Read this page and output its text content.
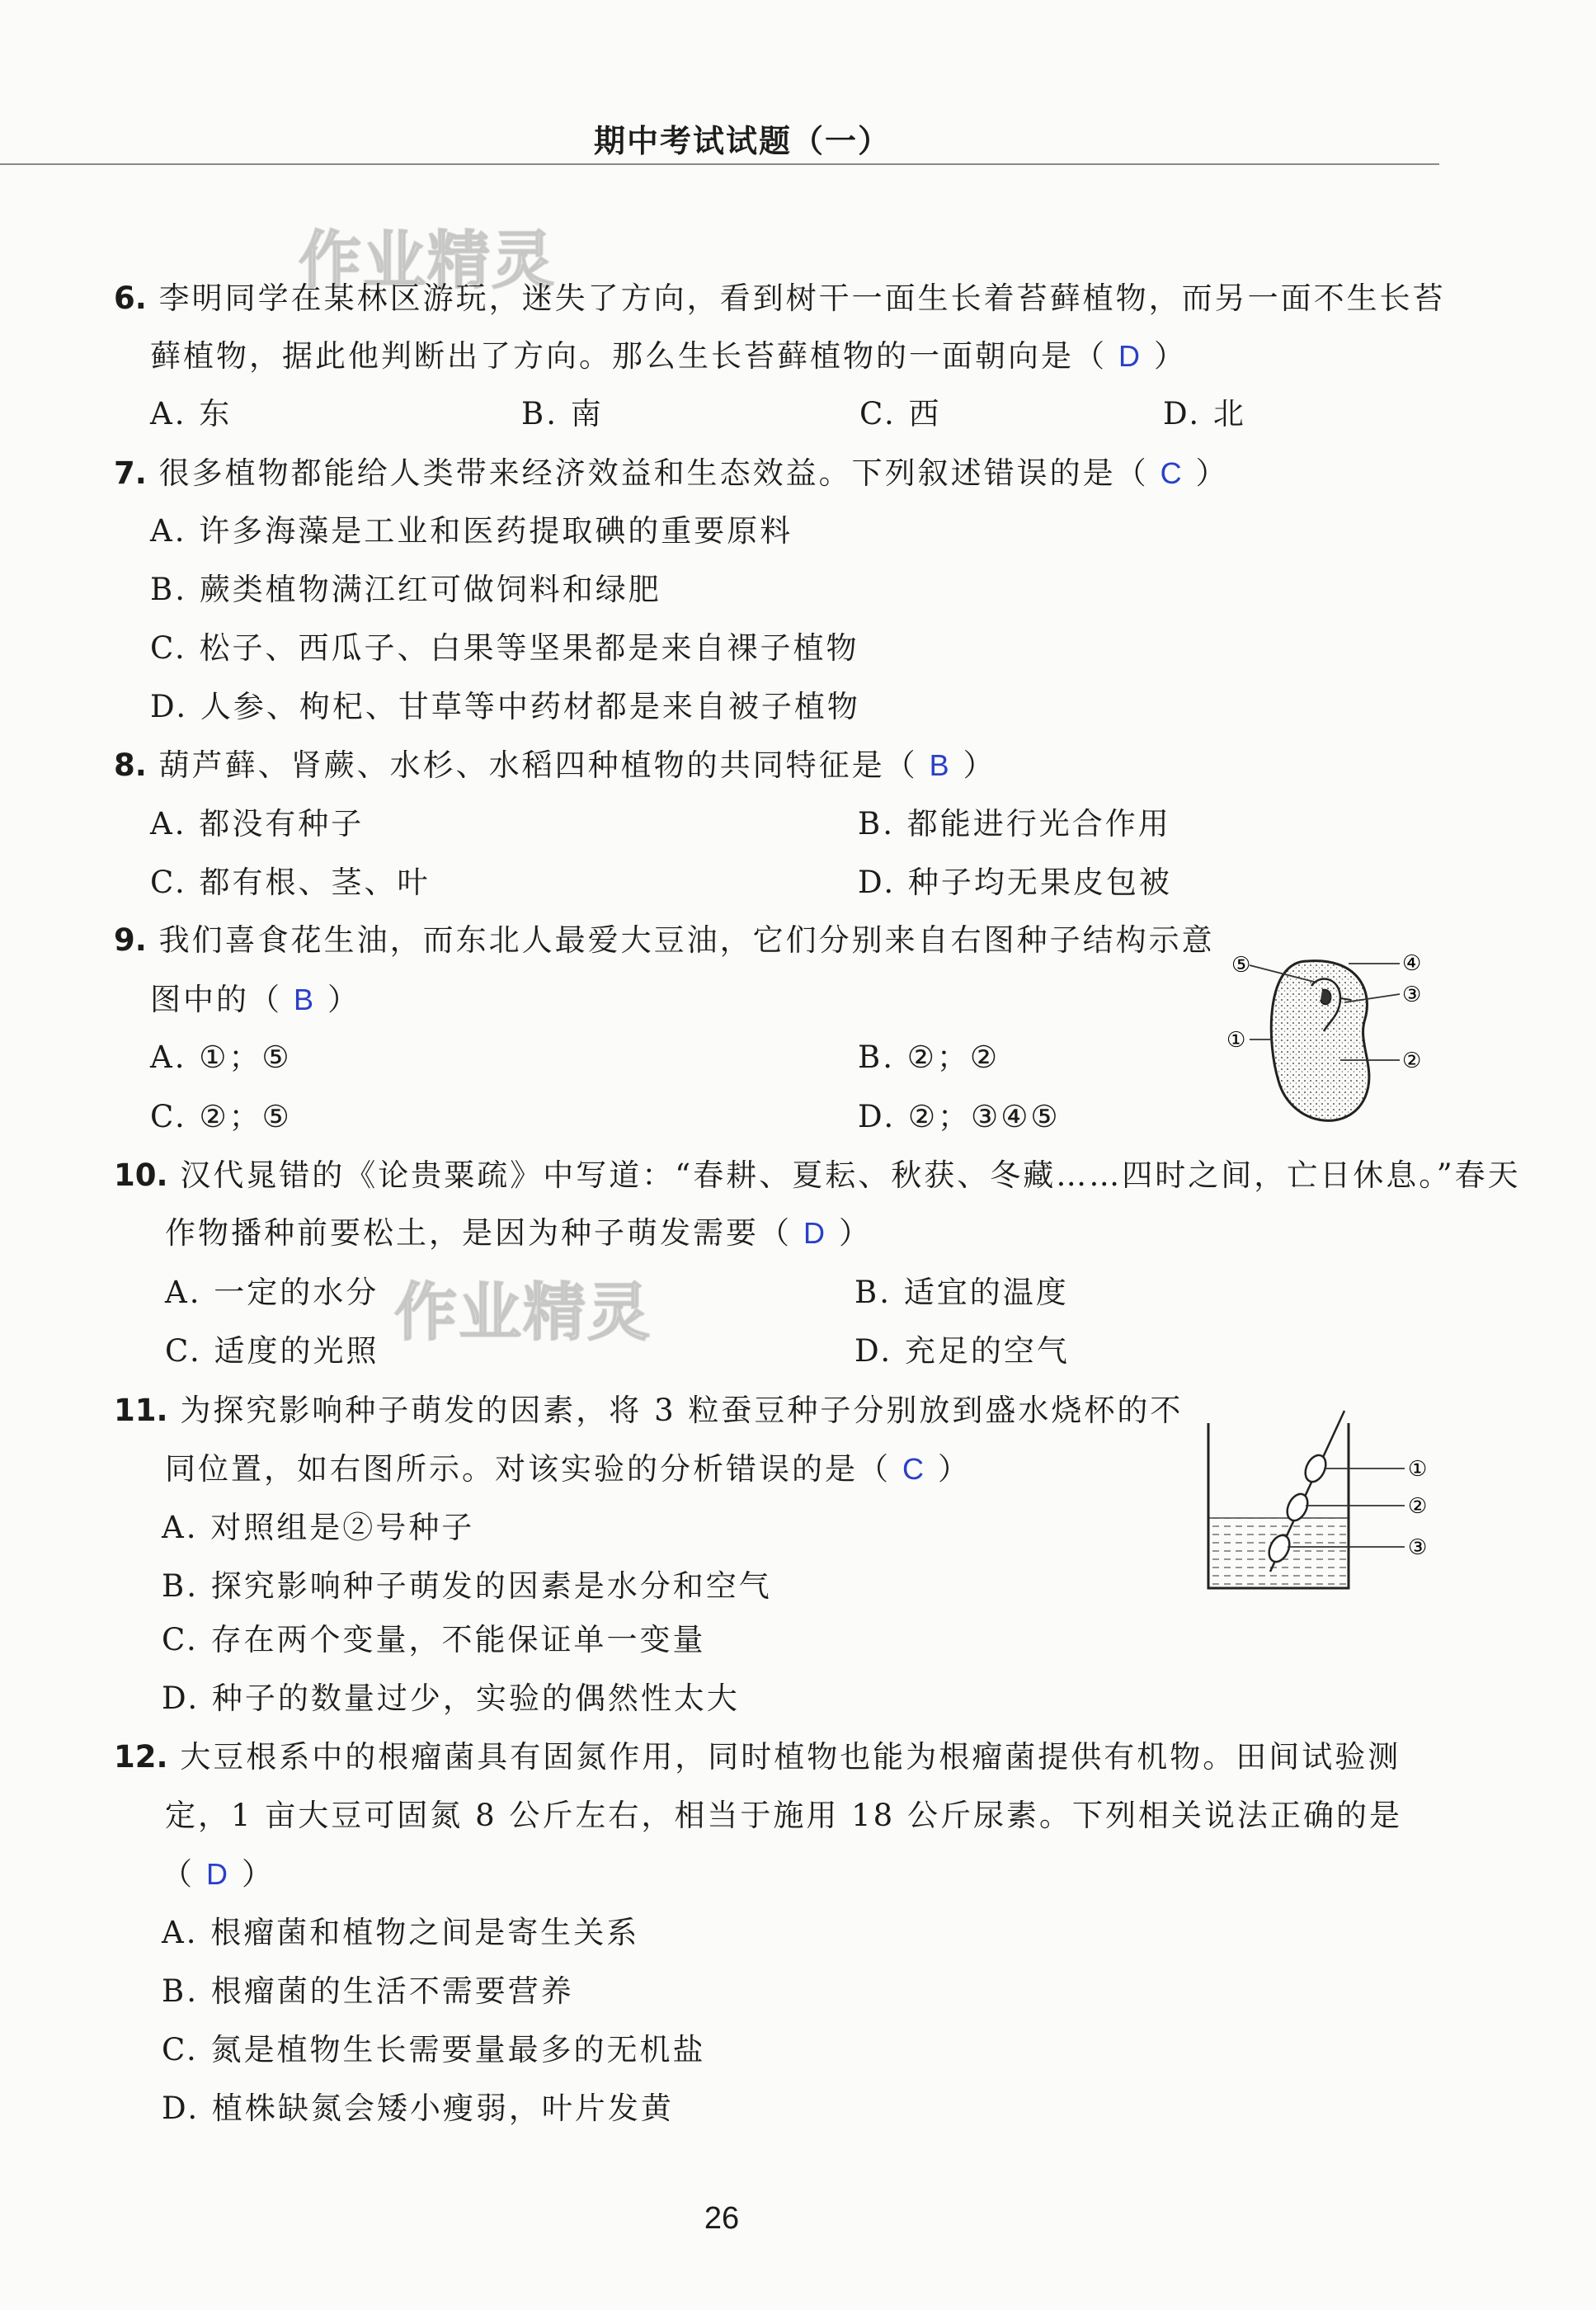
期中考试试题（一）
作业精灵
作业精灵
6. 李明同学在某林区游玩，迷失了方向，看到树干一面生长着苔藓植物，而另一面不生长苔
藓植物，据此他判断出了方向。那么生长苔藓植物的一面朝向是（ D ）
A. 东	B. 南	C. 西	D. 北
7. 很多植物都能给人类带来经济效益和生态效益。下列叙述错误的是（ C ）
A. 许多海藻是工业和医药提取碘的重要原料
B. 蕨类植物满江红可做饲料和绿肥
C. 松子、西瓜子、白果等坚果都是来自裸子植物
D. 人参、枸杞、甘草等中药材都是来自被子植物
8. 葫芦藓、肾蕨、水杉、水稻四种植物的共同特征是（ B ）
A. 都没有种子	B. 都能进行光合作用
C. 都有根、茎、叶	D. 种子均无果皮包被
9. 我们喜食花生油，而东北人最爱大豆油，它们分别来自右图种子结构示意
图中的（ B ）
A. ①；⑤	B. ②；②
C. ②；⑤	D. ②；③④⑤
⑤	④
③
①
②
10. 汉代晁错的《论贵粟疏》中写道：“春耕、夏耘、秋获、冬藏……四时之间，亡日休息。”春天
作物播种前要松土，是因为种子萌发需要（ D ）
A. 一定的水分	B. 适宜的温度
C. 适度的光照	D. 充足的空气
11. 为探究影响种子萌发的因素，将 3 粒蚕豆种子分别放到盛水烧杯的不
同位置，如右图所示。对该实验的分析错误的是（ C ）
A. 对照组是②号种子
B. 探究影响种子萌发的因素是水分和空气
C. 存在两个变量，不能保证单一变量
D. 种子的数量过少，实验的偶然性太大
①
②
③
12. 大豆根系中的根瘤菌具有固氮作用，同时植物也能为根瘤菌提供有机物。田间试验测
定，1 亩大豆可固氮 8 公斤左右，相当于施用 18 公斤尿素。下列相关说法正确的是
（ D ）
A. 根瘤菌和植物之间是寄生关系
B. 根瘤菌的生活不需要营养
C. 氮是植物生长需要量最多的无机盐
D. 植株缺氮会矮小瘦弱，叶片发黄
26
